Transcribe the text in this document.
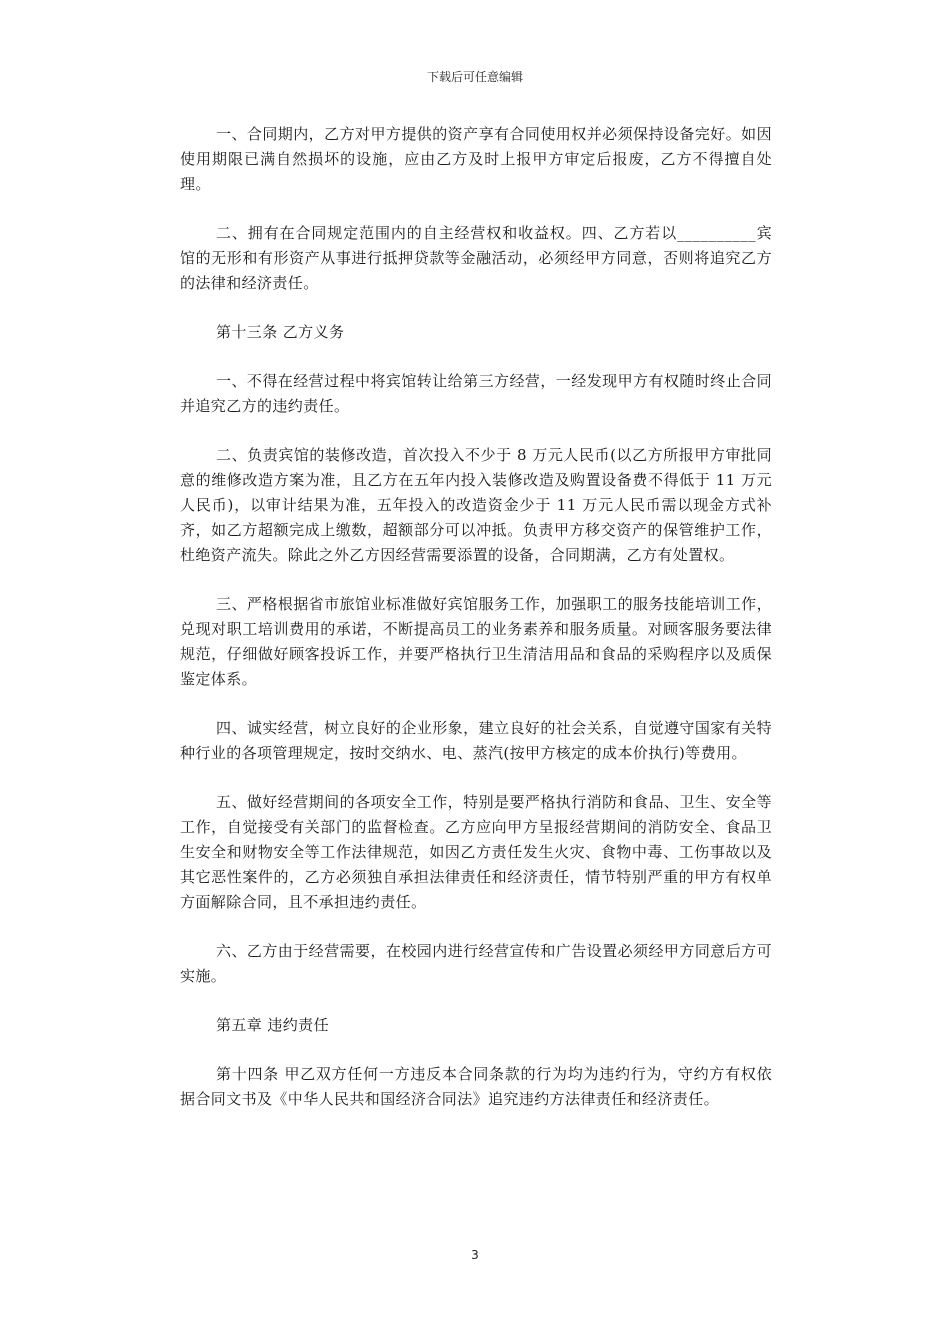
下载后可任意编辑

一、合同期内，乙方对甲方提供的资产享有合同使用权并必须保持设备完好。如因使用期限已满自然损坏的设施，应由乙方及时上报甲方审定后报废，乙方不得擅自处理。

二、拥有在合同规定范围内的自主经营权和收益权。四、乙方若以__________宾馆的无形和有形资产从事进行抵押贷款等金融活动，必须经甲方同意，否则将追究乙方的法律和经济责任。

第十三条 乙方义务

一、不得在经营过程中将宾馆转让给第三方经营，一经发现甲方有权随时终止合同并追究乙方的违约责任。

二、负责宾馆的装修改造，首次投入不少于 8 万元人民币(以乙方所报甲方审批同意的维修改造方案为准，且乙方在五年内投入装修改造及购置设备费不得低于 11 万元人民币)，以审计结果为准，五年投入的改造资金少于 11 万元人民币需以现金方式补齐，如乙方超额完成上缴数，超额部分可以冲抵。负责甲方移交资产的保管维护工作，杜绝资产流失。除此之外乙方因经营需要添置的设备，合同期满，乙方有处置权。

三、严格根据省市旅馆业标准做好宾馆服务工作，加强职工的服务技能培训工作，兑现对职工培训费用的承诺，不断提高员工的业务素养和服务质量。对顾客服务要法律规范，仔细做好顾客投诉工作，并要严格执行卫生清洁用品和食品的采购程序以及质保鉴定体系。

四、诚实经营，树立良好的企业形象，建立良好的社会关系，自觉遵守国家有关特种行业的各项管理规定，按时交纳水、电、蒸汽(按甲方核定的成本价执行)等费用。

五、做好经营期间的各项安全工作，特别是要严格执行消防和食品、卫生、安全等工作，自觉接受有关部门的监督检查。乙方应向甲方呈报经营期间的消防安全、食品卫生安全和财物安全等工作法律规范，如因乙方责任发生火灾、食物中毒、工伤事故以及其它恶性案件的，乙方必须独自承担法律责任和经济责任，情节特别严重的甲方有权单方面解除合同，且不承担违约责任。

六、乙方由于经营需要，在校园内进行经营宣传和广告设置必须经甲方同意后方可实施。

第五章 违约责任

第十四条 甲乙双方任何一方违反本合同条款的行为均为违约行为，守约方有权依据合同文书及《中华人民共和国经济合同法》追究违约方法律责任和经济责任。

3
